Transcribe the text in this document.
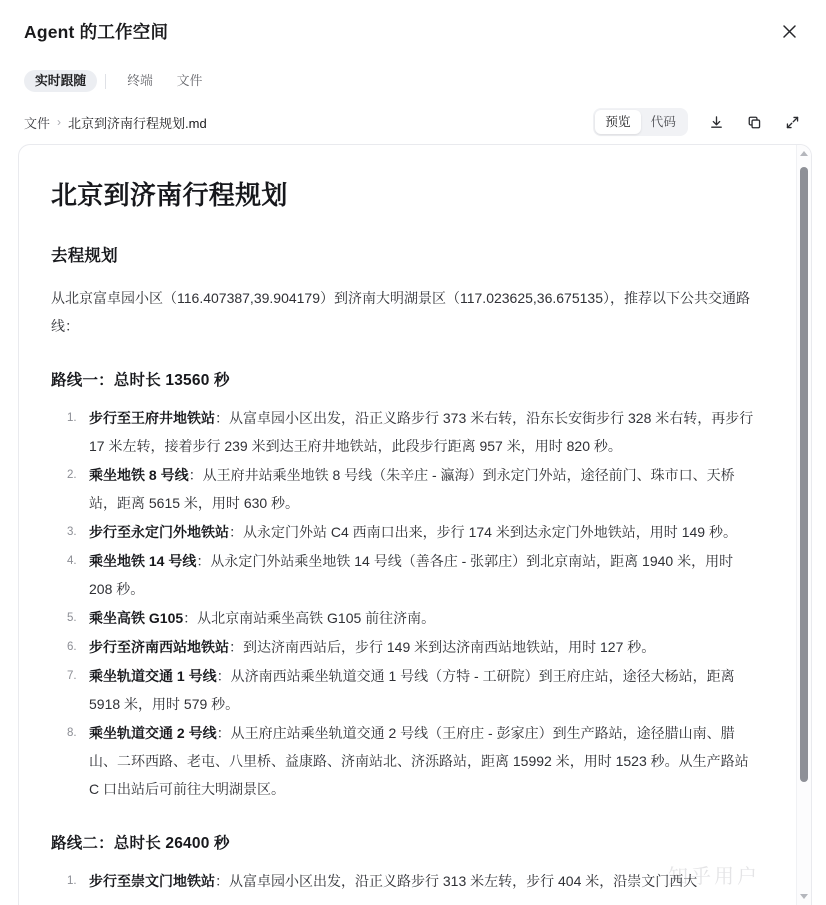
Agent 的工作空间
实时跟随	终端	文件
文件 › 北京到济南行程规划.md	预览	代码
北京到济南行程规划
去程规划

从北京富卓园小区（116.407387,39.904179）到济南大明湖景区（117.023625,36.675135），推荐以下公共交通路线：

路线一：总时长 13560 秒
步行至王府井地铁站：从富卓园小区出发，沿正义路步行 373 米右转，沿东长安街步行 328 米右转，再步行 17 米左转，接着步行 239 米到达王府井地铁站，此段步行距离 957 米，用时 820 秒。
乘坐地铁 8 号线：从王府井站乘坐地铁 8 号线（朱辛庄 - 瀛海）到永定门外站，途径前门、珠市口、天桥站，距离 5615 米，用时 630 秒。
步行至永定门外地铁站：从永定门外站 C4 西南口出来，步行 174 米到达永定门外地铁站，用时 149 秒。
乘坐地铁 14 号线：从永定门外站乘坐地铁 14 号线（善各庄 - 张郭庄）到北京南站，距离 1940 米，用时 208 秒。
乘坐高铁 G105：从北京南站乘坐高铁 G105 前往济南。
步行至济南西站地铁站：到达济南西站后，步行 149 米到达济南西站地铁站，用时 127 秒。
乘坐轨道交通 1 号线：从济南西站乘坐轨道交通 1 号线（方特 - 工研院）到王府庄站，途径大杨站，距离 5918 米，用时 579 秒。
乘坐轨道交通 2 号线：从王府庄站乘坐轨道交通 2 号线（王府庄 - 彭家庄）到生产路站，途径腊山南、腊山、二环西路、老屯、八里桥、益康路、济南站北、济泺路站，距离 15992 米，用时 1523 秒。从生产路站 C 口出站后可前往大明湖景区。
路线二：总时长 26400 秒
步行至崇文门地铁站：从富卓园小区出发，沿正义路步行 313 米左转，步行 404 米，沿崇文门西大
知乎用户
